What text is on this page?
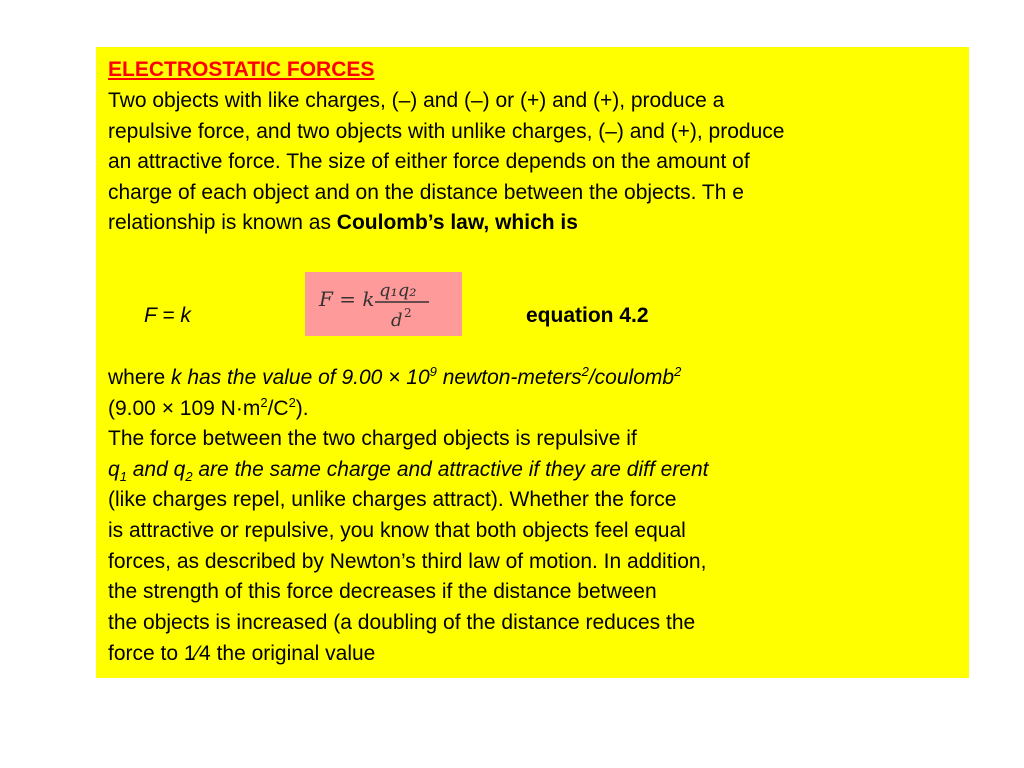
ELECTROSTATIC FORCES
Two objects with like charges, (–) and (–) or (+) and (+), produce a
repulsive force, and two objects with unlike charges, (–) and (+), produce
an attractive force. The size of either force depends on the amount of
charge of each object and on the distance between the objects. Th e
relationship is known as Coulomb’s law, which is
F = k
F = k q₁q₂
d 2	equation 4.2
where k has the value of $9.00 \times 10^9$ newton-meters$^2$/coulomb$^2$
(9.00 × 109 $N\cdot m^2/C^2$).
The force between the two charged objects is repulsive if
$q_1$ and $q_2$ are the same charge and attractive if they are diff erent
(like charges repel, unlike charges attract). Whether the force
is attractive or repulsive, you know that both objects feel equal
forces, as described by Newton’s third law of motion. In addition,
the strength of this force decreases if the distance between
the objects is increased (a doubling of the distance reduces the
force to 1⁄4 the original value
